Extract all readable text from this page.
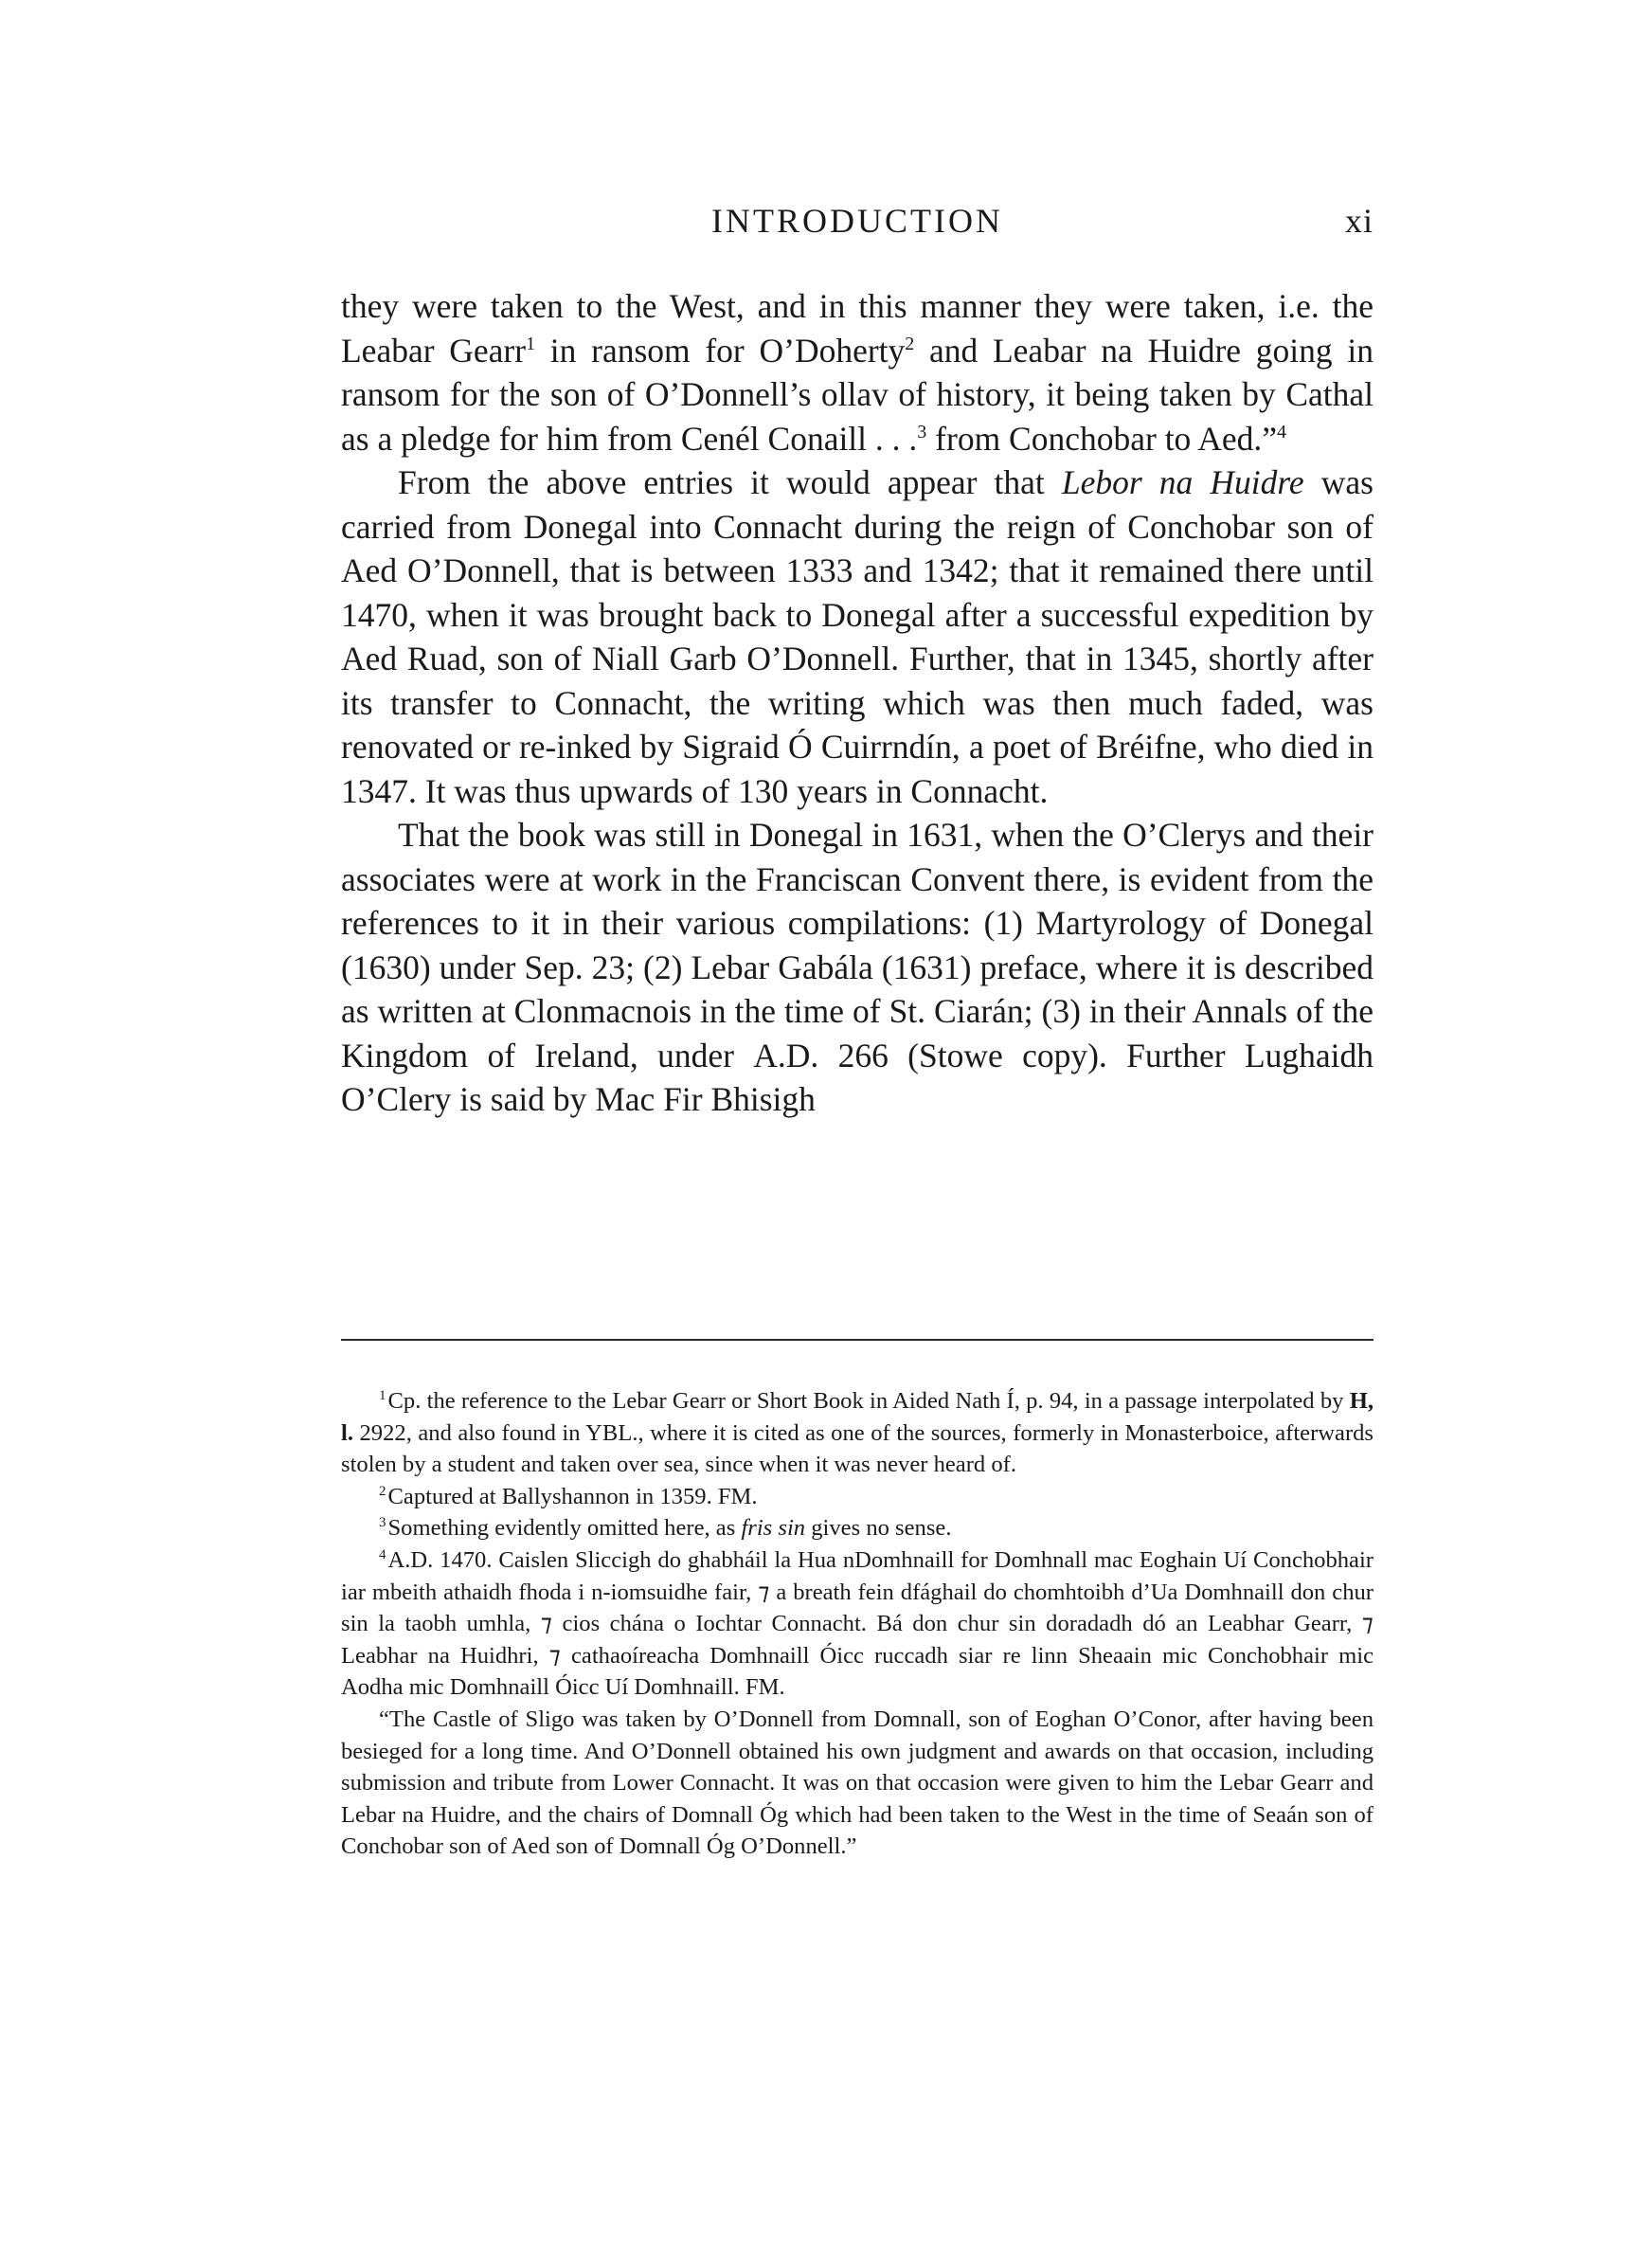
INTRODUCTION	xi

they were taken to the West, and in this manner they were taken, i.e. the Leabar Gearr$^1$ in ransom for O’Doherty$^2$ and Leabar na Huidre going in ransom for the son of O’Donnell’s ollav of history, it being taken by Cathal as a pledge for him from Cenél Conaill . . .$^3$ from Conchobar to Aed.”$^4$

From the above entries it would appear that Lebor na Huidre was carried from Donegal into Connacht during the reign of Conchobar son of Aed O’Donnell, that is between 1333 and 1342; that it remained there until 1470, when it was brought back to Donegal after a successful expedition by Aed Ruad, son of Niall Garb O’Donnell. Further, that in 1345, shortly after its transfer to Connacht, the writing which was then much faded, was renovated or re-inked by Sigraid Ó Cuirrndín, a poet of Bréifne, who died in 1347. It was thus upwards of 130 years in Connacht.

That the book was still in Donegal in 1631, when the O’Clerys and their associates were at work in the Franciscan Convent there, is evident from the references to it in their various compilations: (1) Martyrology of Donegal (1630) under Sep. 23; (2) Lebar Gabála (1631) preface, where it is described as written at Clonmacnois in the time of St. Ciarán; (3) in their Annals of the Kingdom of Ireland, under A.D. 266 (Stowe copy). Further Lughaidh O’Clery is said by Mac Fir Bhisigh

$^1$Cp. the reference to the Lebar Gearr or Short Book in Aided Nath Í, p. 94, in a passage interpolated by H, l. 2922, and also found in YBL., where it is cited as one of the sources, formerly in Monasterboice, afterwards stolen by a student and taken over sea, since when it was never heard of.

$^2$Captured at Ballyshannon in 1359. FM.

$^3$Something evidently omitted here, as fris sin gives no sense.

$^4$A.D. 1470. Caislen Sliccigh do ghabháil la Hua nDomhnaill for Domhnall mac Eoghain Uí Conchobhair iar mbeith athaidh fhoda i n-iomsuidhe fair, ⁊ a breath fein dfághail do chomhtoibh d’Ua Domhnaill don chur sin la taobh umhla, ⁊ cios chána o Iochtar Connacht. Bá don chur sin doradadh dó an Leabhar Gearr, ⁊ Leabhar na Huidhri, ⁊ cathaoíreacha Domhnaill Óicc ruccadh siar re linn Sheaain mic Conchobhair mic Aodha mic Domhnaill Óicc Uí Domhnaill. FM.

“The Castle of Sligo was taken by O’Donnell from Domnall, son of Eoghan O’Conor, after having been besieged for a long time. And O’Donnell obtained his own judgment and awards on that occasion, including submission and tribute from Lower Connacht. It was on that occasion were given to him the Lebar Gearr and Lebar na Huidre, and the chairs of Domnall Óg which had been taken to the West in the time of Seaán son of Conchobar son of Aed son of Domnall Óg O’Donnell.”
